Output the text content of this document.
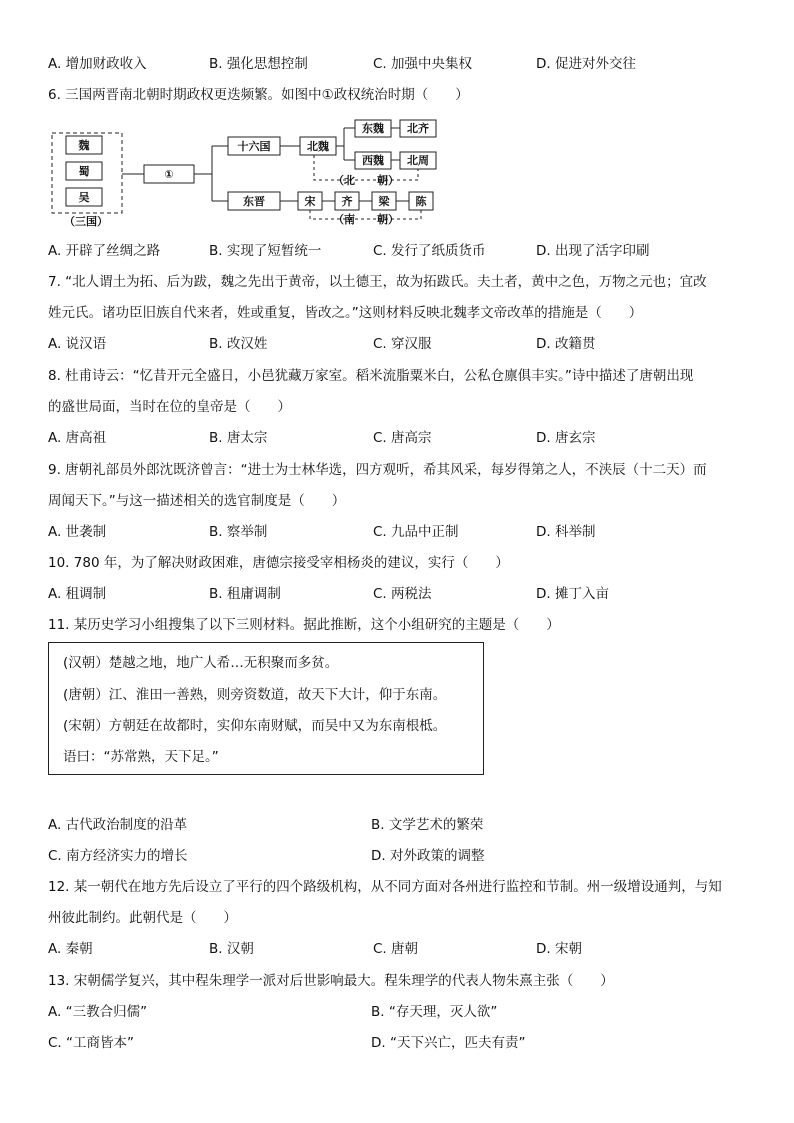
A. 增加财政收入	B. 强化思想控制	C. 加强中央集权	D. 促进对外交往
6. 三国两晋南北朝时期政权更迭频繁。如图中①政权统治时期（　　）
魏
蜀
吴
（三国）
①
十六国	北魏
东魏 北齐
西魏 北周
（北　　朝）
东晋	宋 齐 梁 陈
（南　　朝）
A. 开辟了丝绸之路	B. 实现了短暂统一	C. 发行了纸质货币	D. 出现了活字印刷
7. “北人谓土为拓、后为跋，魏之先出于黄帝，以土德王，故为拓跋氏。夫土者，黄中之色，万物之元也；宜改
姓元氏。诸功臣旧族自代来者，姓或重复，皆改之。”这则材料反映北魏孝文帝改革的措施是（　　）
A. 说汉语	B. 改汉姓	C. 穿汉服	D. 改籍贯
8. 杜甫诗云：“忆昔开元全盛日，小邑犹藏万家室。稻米流脂粟米白，公私仓廪俱丰实。”诗中描述了唐朝出现
的盛世局面，当时在位的皇帝是（　　）
A. 唐高祖	B. 唐太宗	C. 唐高宗	D. 唐玄宗
9. 唐朝礼部员外郎沈既济曾言：“进士为士林华选，四方观听，希其风采，每岁得第之人，不浃辰（十二天）而
周闻天下。”与这一描述相关的选官制度是（　　）
A. 世袭制	B. 察举制	C. 九品中正制	D. 科举制
10. 780 年，为了解决财政困难，唐德宗接受宰相杨炎的建议，实行（　　）
A. 租调制	B. 租庸调制	C. 两税法	D. 摊丁入亩
11. 某历史学习小组搜集了以下三则材料。据此推断，这个小组研究的主题是（　　）
(汉朝）楚越之地，地广人希…无积聚而多贫。
(唐朝）江、淮田一善熟，则旁资数道，故天下大计，仰于东南。
(宋朝）方朝廷在故都时，实仰东南财赋，而吴中又为东南根柢。
语曰：“苏常熟，天下足。”
A. 古代政治制度的沿革	B. 文学艺术的繁荣
C. 南方经济实力的增长	D. 对外政策的调整
12. 某一朝代在地方先后设立了平行的四个路级机构，从不同方面对各州进行监控和节制。州一级增设通判，与知
州彼此制约。此朝代是（　　）
A. 秦朝	B. 汉朝	C. 唐朝	D. 宋朝
13. 宋朝儒学复兴，其中程朱理学一派对后世影响最大。程朱理学的代表人物朱熹主张（　　）
A. “三教合归儒”	B. “存天理，灭人欲”
C. “工商皆本”	D. “天下兴亡，匹夫有责”
